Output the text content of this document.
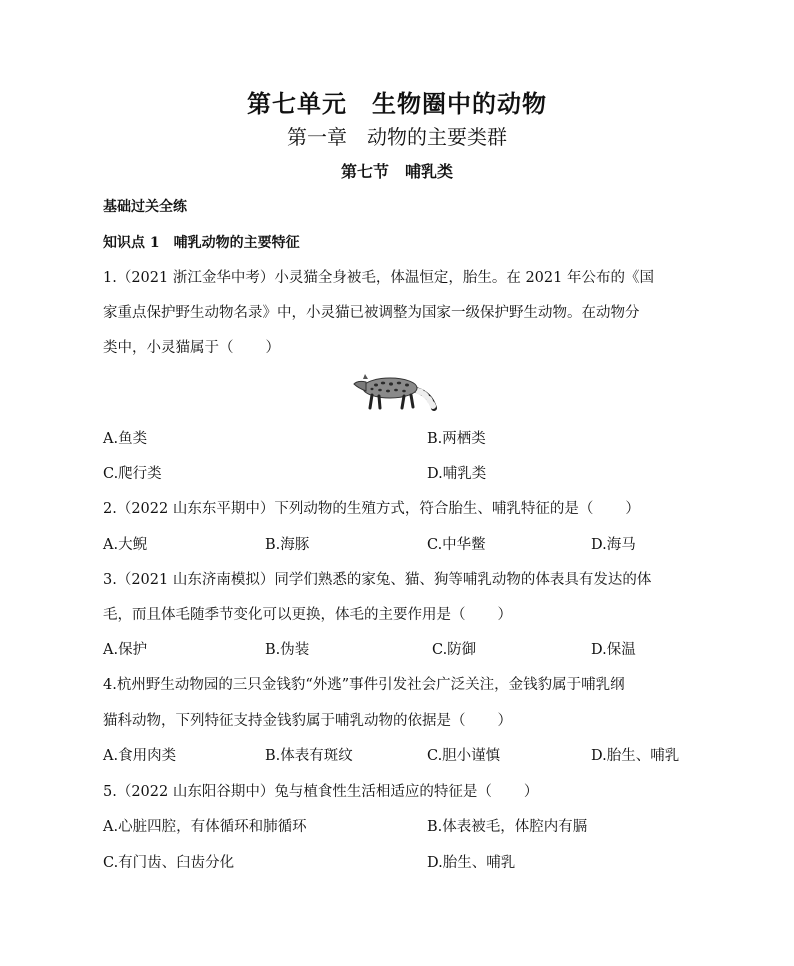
第七单元　生物圈中的动物
第一章　动物的主要类群
第七节　哺乳类
基础过关全练
知识点 1　哺乳动物的主要特征
1.（2021 浙江金华中考）小灵猫全身被毛，体温恒定，胎生。在 2021 年公布的《国
家重点保护野生动物名录》中，小灵猫已被调整为国家一级保护野生动物。在动物分
类中，小灵猫属于（ ）
A.鱼类	B.两栖类
C.爬行类	D.哺乳类
2.（2022 山东东平期中）下列动物的生殖方式，符合胎生、哺乳特征的是（ ）
A.大鲵	B.海豚	C.中华鳖	D.海马
3.（2021 山东济南模拟）同学们熟悉的家兔、猫、狗等哺乳动物的体表具有发达的体
毛，而且体毛随季节变化可以更换，体毛的主要作用是（ ）
A.保护	B.伪装	C.防御	D.保温
4.杭州野生动物园的三只金钱豹“外逃”事件引发社会广泛关注，金钱豹属于哺乳纲
猫科动物，下列特征支持金钱豹属于哺乳动物的依据是（ ）
A.食用肉类	B.体表有斑纹	C.胆小谨慎	D.胎生、哺乳
5.（2022 山东阳谷期中）兔与植食性生活相适应的特征是（ ）
A.心脏四腔，有体循环和肺循环	B.体表被毛，体腔内有膈
C.有门齿、臼齿分化	D.胎生、哺乳
